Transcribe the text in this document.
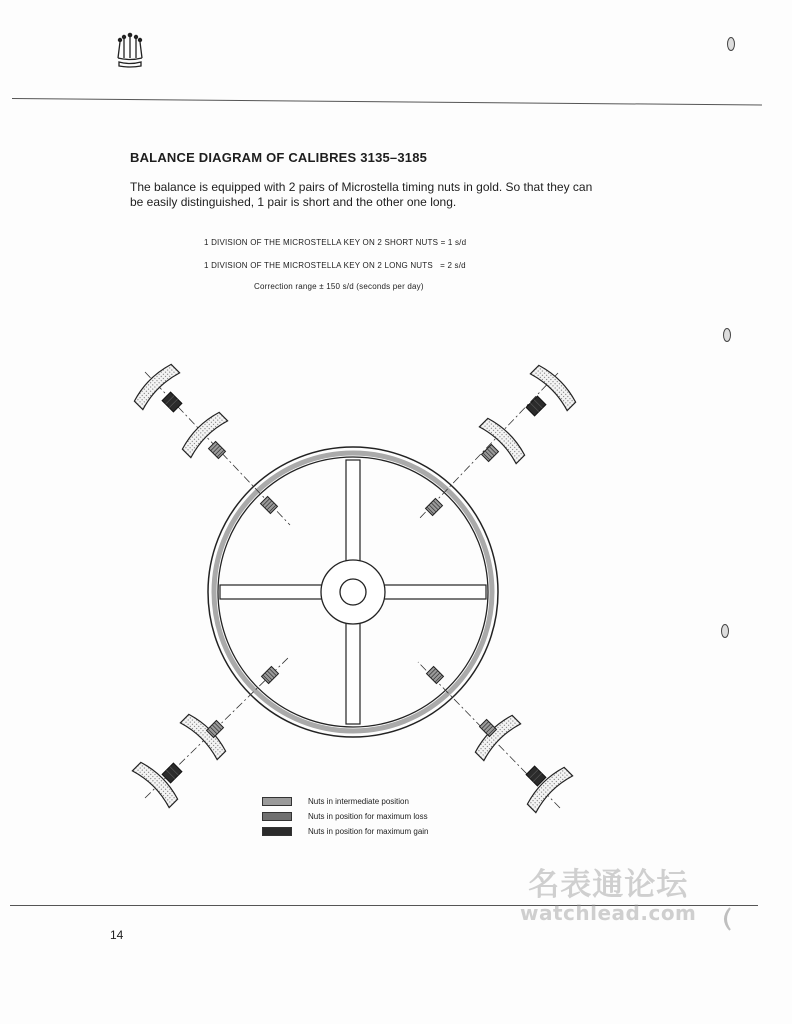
BALANCE DIAGRAM OF CALIBRES 3135–3185

The balance is equipped with 2 pairs of Microstella timing nuts in gold. So that they can be easily distinguished, 1 pair is short and the other one long.

1 DIVISION OF THE MICROSTELLA KEY ON 2 SHORT NUTS = 1 s/d

1 DIVISION OF THE MICROSTELLA KEY ON 2 LONG NUTS   = 2 s/d

Correction range ± 150 s/d (seconds per day)

Nuts in intermediate position
Nuts in position for maximum loss
Nuts in position for maximum gain

14

名表通论坛
watchlead.com
